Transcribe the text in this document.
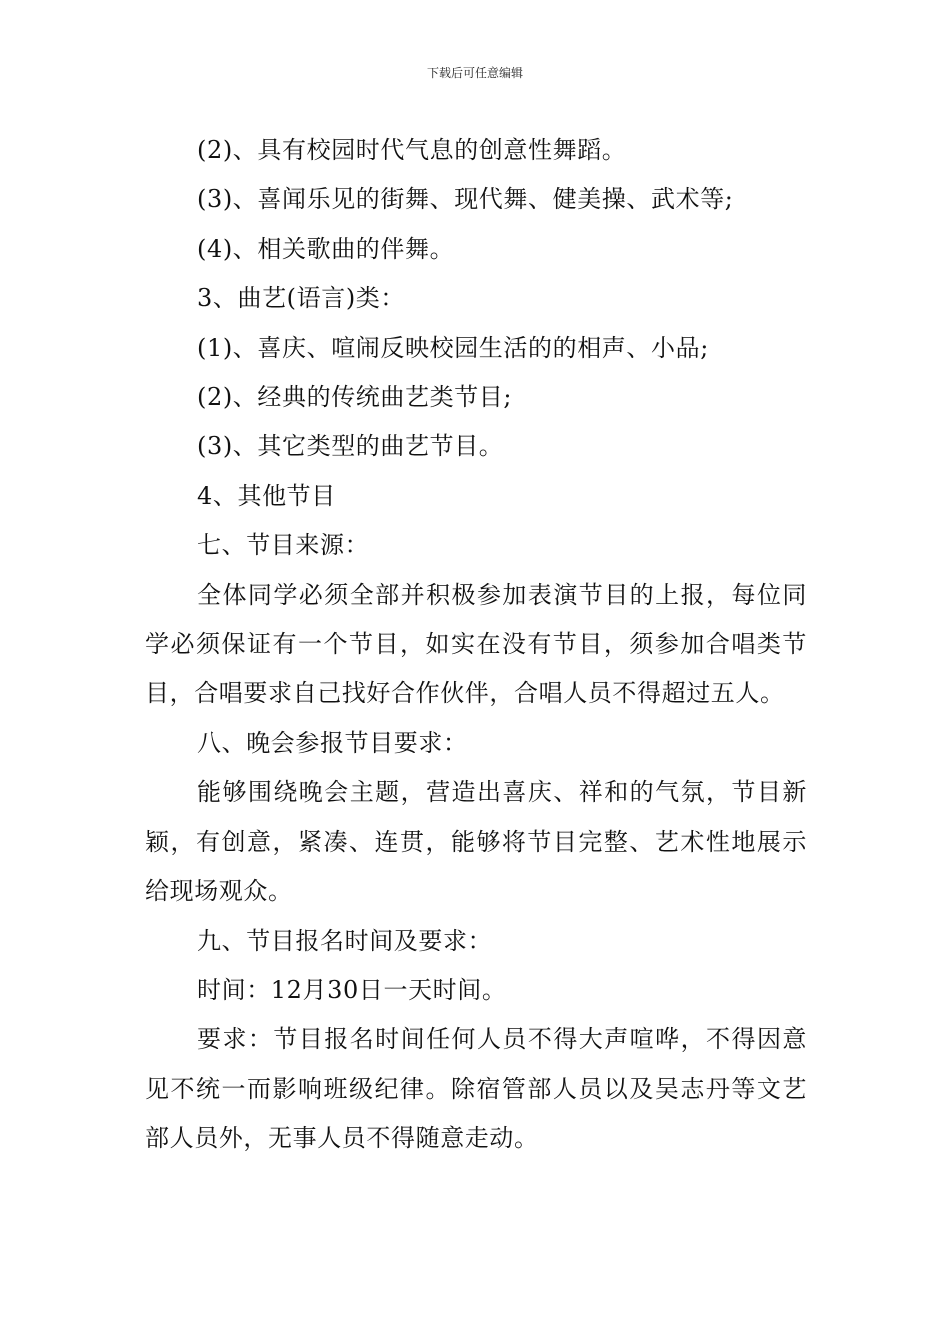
下载后可任意编辑

(2)、具有校园时代气息的创意性舞蹈。

(3)、喜闻乐见的街舞、现代舞、健美操、武术等;

(4)、相关歌曲的伴舞。

3、曲艺(语言)类：

(1)、喜庆、喧闹反映校园生活的的相声、小品;

(2)、经典的传统曲艺类节目;

(3)、其它类型的曲艺节目。

4、其他节目

七、节目来源：

全体同学必须全部并积极参加表演节目的上报，每位同学必须保证有一个节目，如实在没有节目，须参加合唱类节目，合唱要求自己找好合作伙伴，合唱人员不得超过五人。

八、晚会参报节目要求：

能够围绕晚会主题，营造出喜庆、祥和的气氛，节目新颖，有创意，紧凑、连贯，能够将节目完整、艺术性地展示给现场观众。

九、节目报名时间及要求：

时间：12月30日一天时间。

要求：节目报名时间任何人员不得大声喧哗，不得因意见不统一而影响班级纪律。除宿管部人员以及吴志丹等文艺部人员外，无事人员不得随意走动。
